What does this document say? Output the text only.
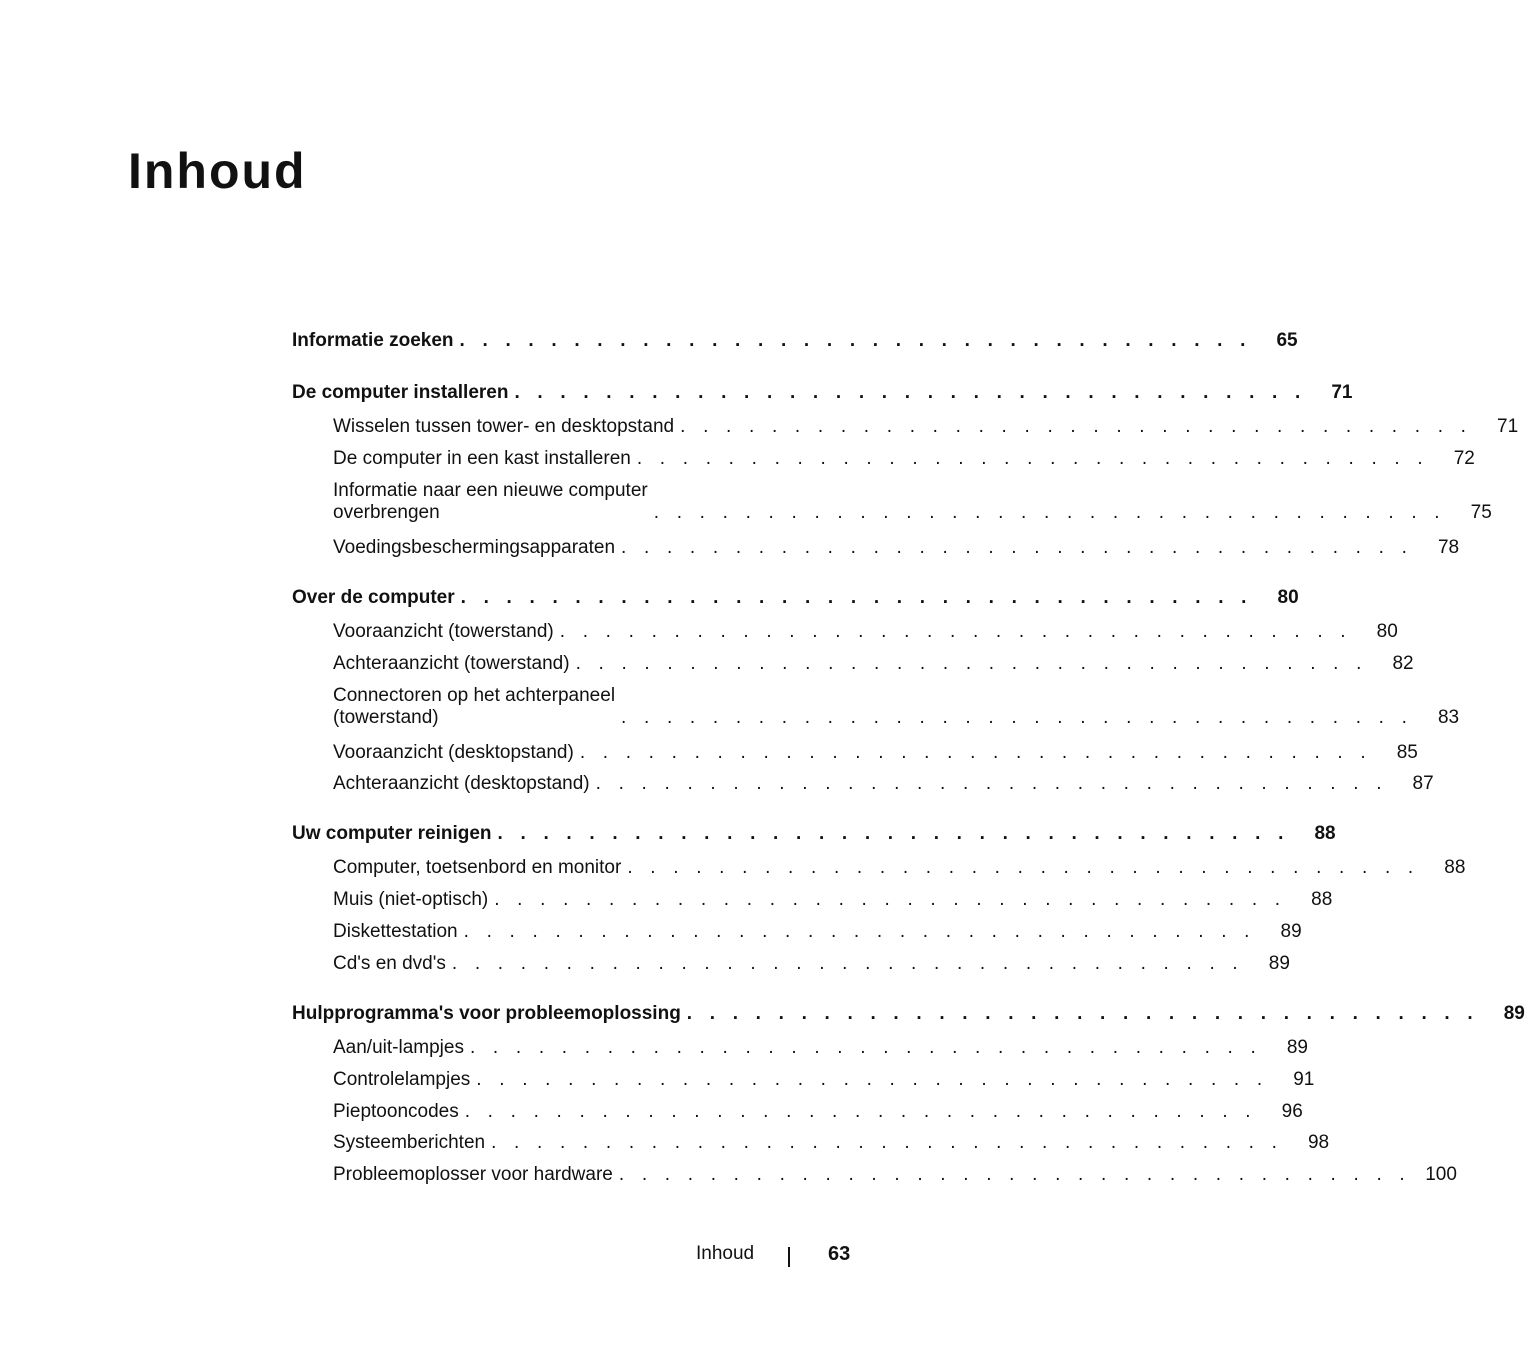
Inhoud
Informatie zoeken . . . . . . . . . . . . . . . . . . . . . . . . . . . . . . . . . . .	65
De computer installeren . . . . . . . . . . . . . . . . . . . . . . . . . . . . . . . . . . .	71
Wisselen tussen tower- en desktopstand . . . . . . . . . . . . . . . . . . . . . . . . . . . . . . . . . . .	71
De computer in een kast installeren . . . . . . . . . . . . . . . . . . . . . . . . . . . . . . . . . . .	72
Informatie naar een nieuwe computer
overbrengen	. . . . . . . . . . . . . . . . . . . . . . . . . . . . . . . . . . .	75
Voedingsbeschermingsapparaten . . . . . . . . . . . . . . . . . . . . . . . . . . . . . . . . . . .	78
Over de computer . . . . . . . . . . . . . . . . . . . . . . . . . . . . . . . . . . .	80
Vooraanzicht (towerstand) . . . . . . . . . . . . . . . . . . . . . . . . . . . . . . . . . . .	80
Achteraanzicht (towerstand) . . . . . . . . . . . . . . . . . . . . . . . . . . . . . . . . . . .	82
Connectoren op het achterpaneel
(towerstand)	. . . . . . . . . . . . . . . . . . . . . . . . . . . . . . . . . . .	83
Vooraanzicht (desktopstand) . . . . . . . . . . . . . . . . . . . . . . . . . . . . . . . . . . .	85
Achteraanzicht (desktopstand) . . . . . . . . . . . . . . . . . . . . . . . . . . . . . . . . . . .	87
Uw computer reinigen . . . . . . . . . . . . . . . . . . . . . . . . . . . . . . . . . . .	88
Computer, toetsenbord en monitor . . . . . . . . . . . . . . . . . . . . . . . . . . . . . . . . . . .	88
Muis (niet-optisch) . . . . . . . . . . . . . . . . . . . . . . . . . . . . . . . . . . .	88
Diskettestation . . . . . . . . . . . . . . . . . . . . . . . . . . . . . . . . . . .	89
Cd's en dvd's . . . . . . . . . . . . . . . . . . . . . . . . . . . . . . . . . . .	89
Hulpprogramma's voor probleemoplossing . . . . . . . . . . . . . . . . . . . . . . . . . . . . . . . . . . .	89
Aan/uit-lampjes . . . . . . . . . . . . . . . . . . . . . . . . . . . . . . . . . . .	89
Controlelampjes . . . . . . . . . . . . . . . . . . . . . . . . . . . . . . . . . . .	91
Pieptooncodes . . . . . . . . . . . . . . . . . . . . . . . . . . . . . . . . . . .	96
Systeemberichten . . . . . . . . . . . . . . . . . . . . . . . . . . . . . . . . . . .	98
Probleemoplosser voor hardware . . . . . . . . . . . . . . . . . . . . . . . . . . . . . . . . . . . 100
Inhoud	63
